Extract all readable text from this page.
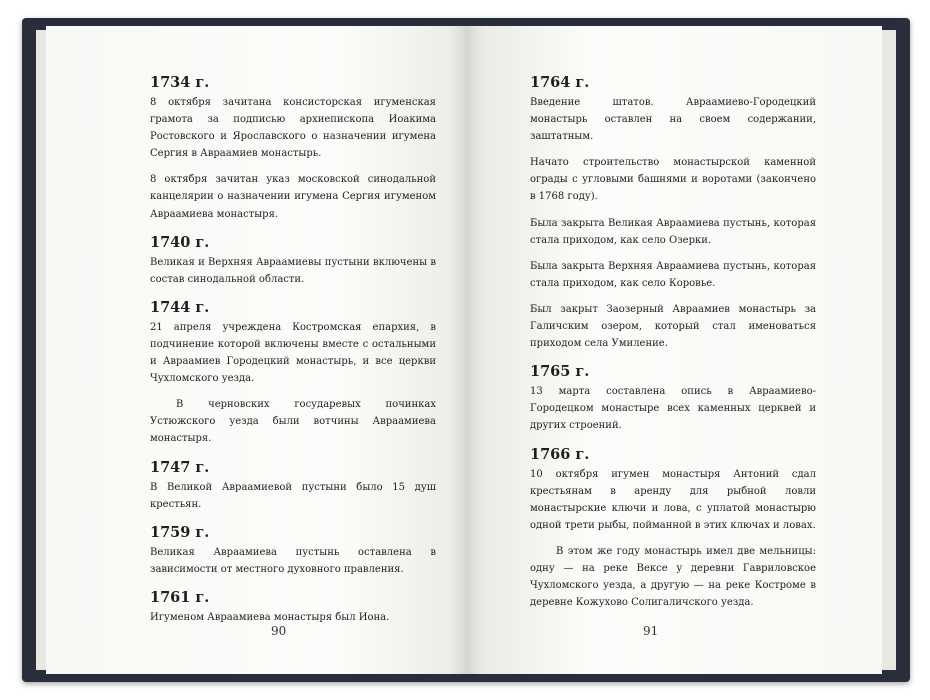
1734 г.

8 октября зачитана консисторская игуменская грамота за подписью архиепископа Иоакима Ростовского и Ярославского о назначении игумена Сергия в Авраамиев монастырь.

8 октября зачитан указ московской синодальной канцелярии о назначении игумена Сергия игуменом Авраамиева монастыря.

1740 г.

Великая и Верхняя Авраамиевы пустыни включены в состав синодальной области.

1744 г.

21 апреля учреждена Костромская епархия, в подчинение которой включены вместе с остальными и Авраамиев Городецкий монастырь, и все церкви Чухломского уезда.

В черновских государевых починках Устюжского уезда были вотчины Авраамиева монастыря.

1747 г.

В Великой Авраамиевой пустыни было 15 душ крестьян.

1759 г.

Великая Авраамиева пустынь оставлена в зависимости от местного духовного правления.

1761 г.

Игуменом Авраамиева монастыря был Иона.

1764 г.

Введение штатов. Авраамиево-Городецкий монастырь оставлен на своем содержании, заштатным.

Начато строительство монастырской каменной ограды с угловыми башнями и воротами (закончено в 1768 году).

Была закрыта Великая Авраамиева пустынь, которая стала приходом, как село Озерки.

Была закрыта Верхняя Авраамиева пустынь, которая стала приходом, как село Коровье.

Был закрыт Заозерный Авраамиев монастырь за Галичским озером, который стал именоваться приходом села Умиление.

1765 г.

13 марта составлена опись в Авраамиево-Городецком монастыре всех каменных церквей и других строений.

1766 г.

10 октября игумен монастыря Антоний сдал крестьянам в аренду для рыбной ловли монастырские ключи и лова, с уплатой монастырю одной трети рыбы, пойманной в этих ключах и ловах.

В этом же году монастырь имел две мельницы: одну — на реке Вексе у деревни Гавриловское Чухломского уезда, а другую — на реке Костроме в деревне Кожухово Солигаличского уезда.

90	91
